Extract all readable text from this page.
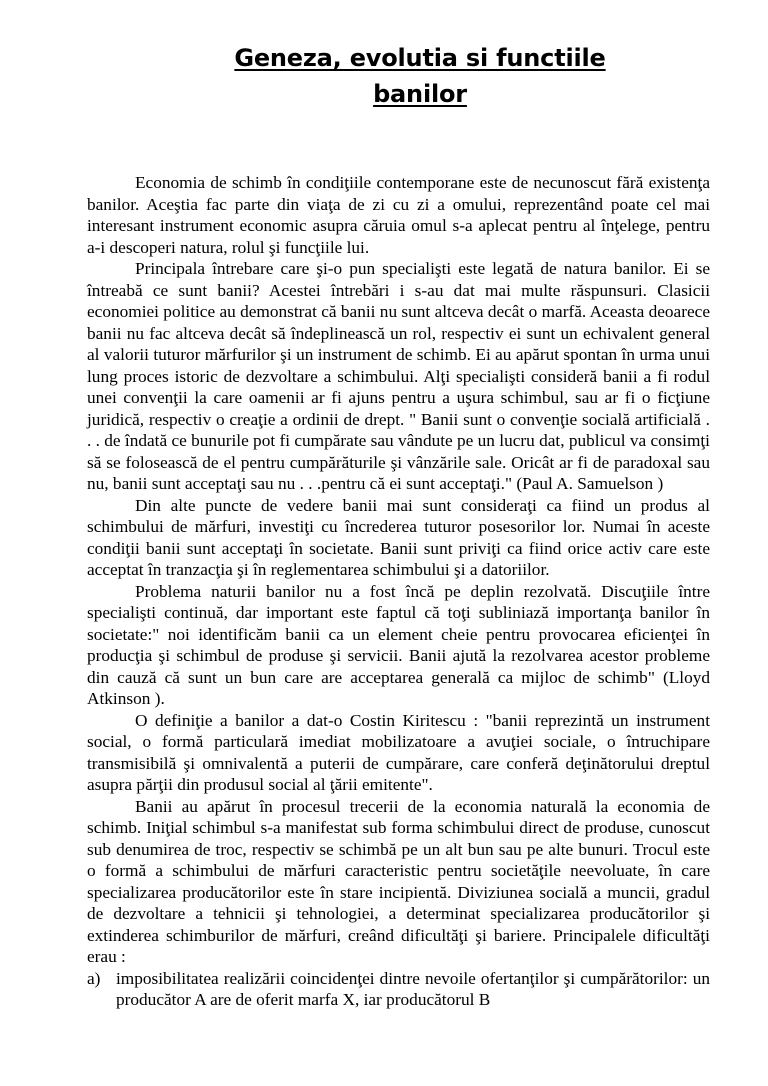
Geneza, evolutia si functiile
banilor

Economia de schimb în condiţiile contemporane este de necunoscut fără existenţa banilor. Aceştia fac parte din viaţa de zi cu zi a omului, reprezentând poate cel mai interesant instrument economic asupra căruia omul s-a aplecat pentru al înţelege, pentru a-i descoperi natura, rolul şi funcţiile lui.

Principala întrebare care şi-o pun specialişti este legată de natura banilor. Ei se întreabă ce sunt banii? Acestei întrebări i s-au dat mai multe răspunsuri. Clasicii economiei politice au demonstrat că banii nu sunt altceva decât o marfă. Aceasta deoarece banii nu fac altceva decât să îndeplinească un rol, respectiv ei sunt un echivalent general al valorii tuturor mărfurilor şi un instrument de schimb. Ei au apărut spontan în urma unui lung proces istoric de dezvoltare a schimbului. Alţi specialişti consideră banii a fi rodul unei convenţii la care oamenii ar fi ajuns pentru a uşura schimbul, sau ar fi o ficţiune juridică, respectiv o creaţie a ordinii de drept. " Banii sunt o convenţie socială artificială . . . de îndată ce bunurile pot fi cumpărate sau vândute pe un lucru dat, publicul va consimţi să se folosească de el pentru cumpărăturile şi vânzările sale. Oricât ar fi de paradoxal sau nu, banii sunt acceptaţi sau nu . . .pentru că ei sunt acceptaţi." (Paul A. Samuelson )

Din alte puncte de vedere banii mai sunt consideraţi ca fiind un produs al schimbului de mărfuri, investiţi cu încrederea tuturor posesorilor lor. Numai în aceste condiţii banii sunt acceptaţi în societate. Banii sunt priviţi ca fiind orice activ care este acceptat în tranzacţia şi în reglementarea schimbului şi a datoriilor.

Problema naturii banilor nu a fost încă pe deplin rezolvată. Discuţiile între specialişti continuă, dar important este faptul că toţi subliniază importanţa banilor în societate:" noi identificăm banii ca un element cheie pentru provocarea eficienţei în producţia şi schimbul de produse şi servicii. Banii ajută la rezolvarea acestor probleme din cauză că sunt un bun care are acceptarea generală ca mijloc de schimb" (Lloyd Atkinson ).

O definiţie a banilor a dat-o Costin Kiritescu : "banii reprezintă un instrument social, o formă particulară imediat mobilizatoare a avuţiei sociale, o întruchipare transmisibilă şi omnivalentă a puterii de cumpărare, care conferă deţinătorului dreptul asupra părţii din produsul social al ţării emitente".

Banii au apărut în procesul trecerii de la economia naturală la economia de schimb. Iniţial schimbul s-a manifestat sub forma schimbului direct de produse, cunoscut sub denumirea de troc, respectiv se schimbă pe un alt bun sau pe alte bunuri. Trocul este o formă a schimbului de mărfuri caracteristic pentru societăţile neevoluate, în care specializarea producătorilor este în stare incipientă. Diviziunea socială a muncii, gradul de dezvoltare a tehnicii şi tehnologiei, a determinat specializarea producătorilor şi extinderea schimburilor de mărfuri, creând dificultăţi şi bariere. Principalele dificultăţi erau :

a) imposibilitatea realizării coincidenţei dintre nevoile ofertanţilor şi cumpărătorilor: un producător A are de oferit marfa X, iar producătorul B
